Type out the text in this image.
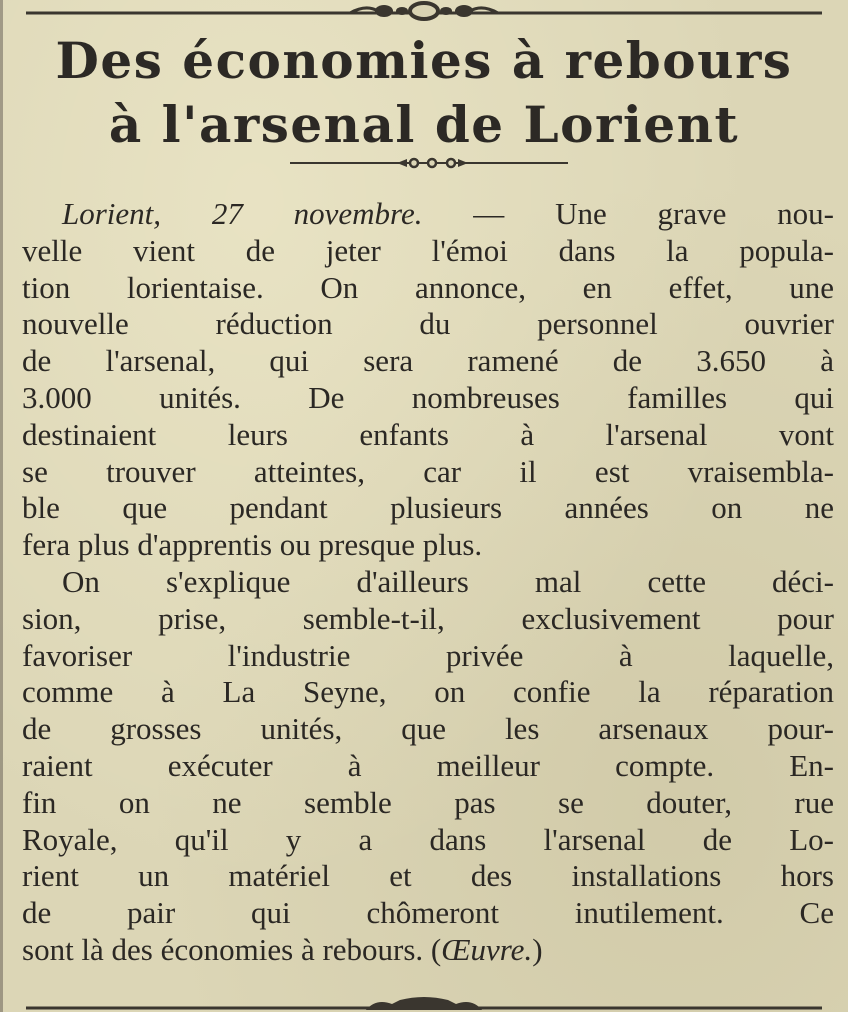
Des économies à rebours
à l'arsenal de Lorient
Lorient, 27 novembre. — Une grave nou-
velle vient de jeter l'émoi dans la popula-
tion lorientaise. On annonce, en effet, une
nouvelle réduction du personnel ouvrier
de l'arsenal, qui sera ramené de 3.650 à
3.000 unités. De nombreuses familles qui
destinaient leurs enfants à l'arsenal vont
se trouver atteintes, car il est vraisembla-
ble que pendant plusieurs années on ne
fera plus d'apprentis ou presque plus.
On s'explique d'ailleurs mal cette déci-
sion, prise, semble-t-il, exclusivement pour
favoriser l'industrie privée à laquelle,
comme à La Seyne, on confie la réparation
de grosses unités, que les arsenaux pour-
raient exécuter à meilleur compte. En-
fin on ne semble pas se douter, rue
Royale, qu'il y a dans l'arsenal de Lo-
rient un matériel et des installations hors
de pair qui chômeront inutilement. Ce
sont là des économies à rebours. (Œuvre.)
